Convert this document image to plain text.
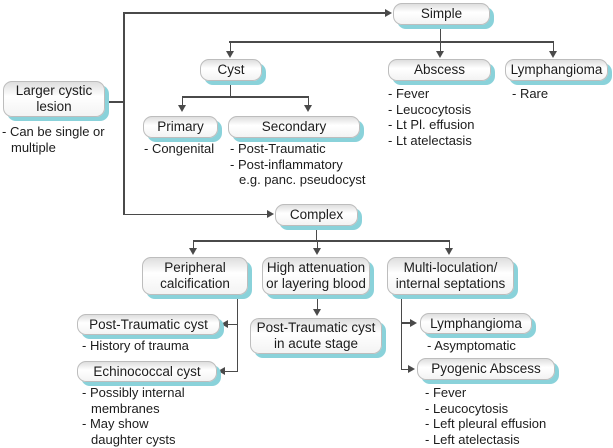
Larger cystic lesion
Simple
Cyst	Abscess	Lymphangioma
Primary	Secondary
Complex
Peripheral calcification
High attenuation or layering blood
Multi-loculation/ internal septations
Post-Traumatic cyst
Echinococcal cyst
Post-Traumatic cyst in acute stage
Lymphangioma
Pyogenic Abscess
- Can be single or
multiple	- Congenital - Post-Traumatic
- Post-inflammatory
e.g. panc. pseudocyst
- Fever
- Leucocytosis
- Lt Pl. effusion
- Lt atelectasis
- Rare
- History of trauma
- Possibly internal
membranes
- May show
daughter cysts
- Asymptomatic
- Fever
- Leucocytosis
- Left pleural effusion
- Left atelectasis
